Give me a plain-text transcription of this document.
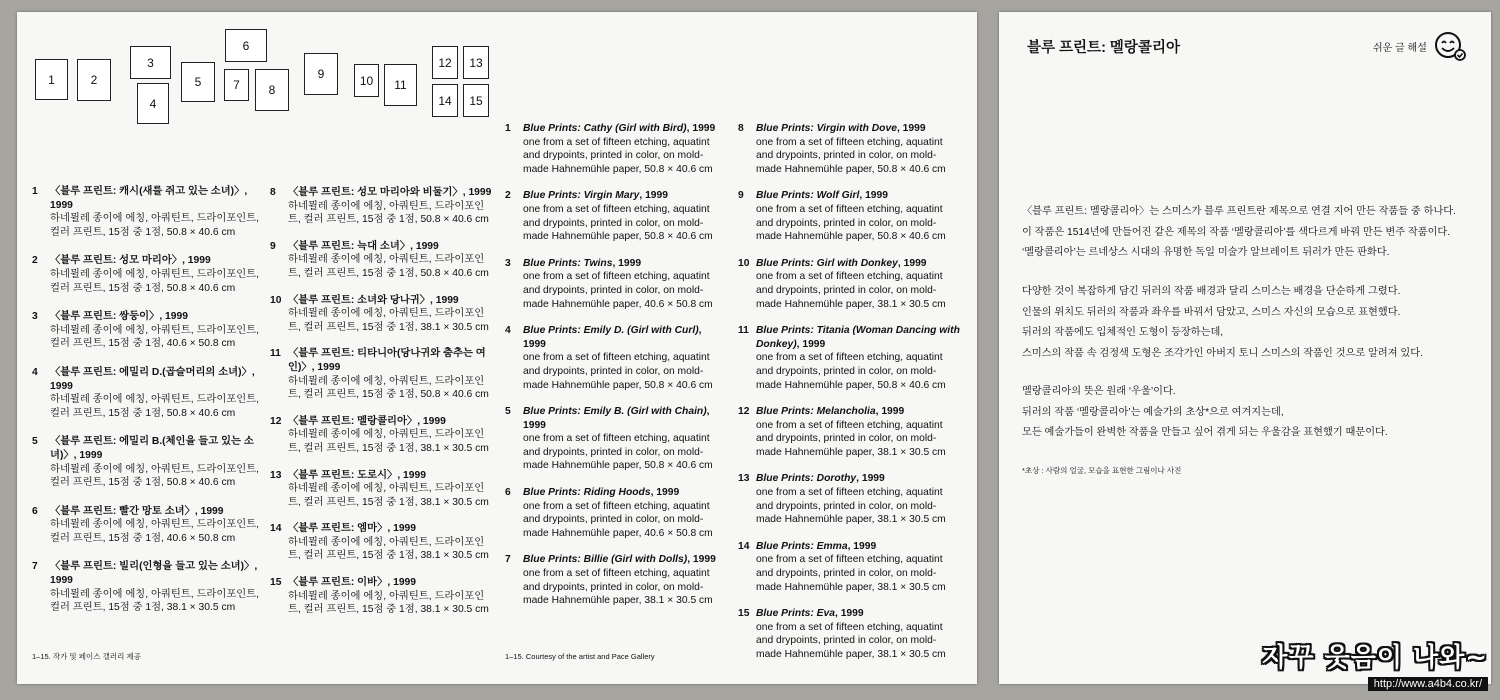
1	2
3
4
5
6
7	8
9	10	11
12	13
14	15
1 〈블루 프린트: 캐시(새를 쥐고 있는 소녀)〉, 1999
하네뮐레 종이에 에칭, 아쿼틴트, 드라이포인트, 컬러 프린트, 15점 중 1점, 50.8 × 40.6 cm
2 〈블루 프린트: 성모 마리아〉, 1999
하네뮐레 종이에 에칭, 아쿼틴트, 드라이포인트, 컬러 프린트, 15점 중 1점, 50.8 × 40.6 cm
3 〈블루 프린트: 쌍둥이〉, 1999
하네뮐레 종이에 에칭, 아쿼틴트, 드라이포인트, 컬러 프린트, 15점 중 1점, 40.6 × 50.8 cm
4 〈블루 프린트: 에밀리 D.(곱슬머리의 소녀)〉, 1999
하네뮐레 종이에 에칭, 아쿼틴트, 드라이포인트, 컬러 프린트, 15점 중 1점, 50.8 × 40.6 cm
5 〈블루 프린트: 에밀리 B.(체인을 들고 있는 소녀)〉, 1999
하네뮐레 종이에 에칭, 아쿼틴트, 드라이포인트, 컬러 프린트, 15점 중 1점, 50.8 × 40.6 cm
6 〈블루 프린트: 빨간 망토 소녀〉, 1999
하네뮐레 종이에 에칭, 아쿼틴트, 드라이포인트, 컬러 프린트, 15점 중 1점, 40.6 × 50.8 cm
7 〈블루 프린트: 빌리(인형을 들고 있는 소녀)〉, 1999
하네뮐레 종이에 에칭, 아쿼틴트, 드라이포인트, 컬러 프린트, 15점 중 1점, 38.1 × 30.5 cm
8 〈블루 프린트: 성모 마리아와 비둘기〉, 1999
하네뮐레 종이에 에칭, 아쿼틴트, 드라이포인트, 컬러 프린트, 15점 중 1점, 50.8 × 40.6 cm
9 〈블루 프린트: 늑대 소녀〉, 1999
하네뮐레 종이에 에칭, 아쿼틴트, 드라이포인트, 컬러 프린트, 15점 중 1점, 50.8 × 40.6 cm
10 〈블루 프린트: 소녀와 당나귀〉, 1999
하네뮐레 종이에 에칭, 아쿼틴트, 드라이포인트, 컬러 프린트, 15점 중 1점, 38.1 × 30.5 cm
11 〈블루 프린트: 티타니아(당나귀와 춤추는 여인)〉, 1999
하네뮐레 종이에 에칭, 아쿼틴트, 드라이포인트, 컬러 프린트, 15점 중 1점, 50.8 × 40.6 cm
12 〈블루 프린트: 멜랑콜리아〉, 1999
하네뮐레 종이에 에칭, 아쿼틴트, 드라이포인트, 컬러 프린트, 15점 중 1점, 38.1 × 30.5 cm
13 〈블루 프린트: 도로시〉, 1999
하네뮐레 종이에 에칭, 아쿼틴트, 드라이포인트, 컬러 프린트, 15점 중 1점, 38.1 × 30.5 cm
14 〈블루 프린트: 엠마〉, 1999
하네뮐레 종이에 에칭, 아쿼틴트, 드라이포인트, 컬러 프린트, 15점 중 1점, 38.1 × 30.5 cm
15 〈블루 프린트: 이바〉, 1999
하네뮐레 종이에 에칭, 아쿼틴트, 드라이포인트, 컬러 프린트, 15점 중 1점, 38.1 × 30.5 cm
1–15. 작가 및 페이스 갤러리 제공
1 Blue Prints: Cathy (Girl with Bird), 1999
one from a set of fifteen etching, aquatint and drypoints, printed in color, on mold-made Hahnemühle paper, 50.8 × 40.6 cm
2 Blue Prints: Virgin Mary, 1999
one from a set of fifteen etching, aquatint and drypoints, printed in color, on mold-made Hahnemühle paper, 50.8 × 40.6 cm
3 Blue Prints: Twins, 1999
one from a set of fifteen etching, aquatint and drypoints, printed in color, on mold-made Hahnemühle paper, 40.6 × 50.8 cm
4 Blue Prints: Emily D. (Girl with Curl), 1999
one from a set of fifteen etching, aquatint and drypoints, printed in color, on mold-made Hahnemühle paper, 50.8 × 40.6 cm
5 Blue Prints: Emily B. (Girl with Chain), 1999
one from a set of fifteen etching, aquatint and drypoints, printed in color, on mold-made Hahnemühle paper, 50.8 × 40.6 cm
6 Blue Prints: Riding Hoods, 1999
one from a set of fifteen etching, aquatint and drypoints, printed in color, on mold-made Hahnemühle paper, 40.6 × 50.8 cm
7 Blue Prints: Billie (Girl with Dolls), 1999
one from a set of fifteen etching, aquatint and drypoints, printed in color, on mold-made Hahnemühle paper, 38.1 × 30.5 cm
8 Blue Prints: Virgin with Dove, 1999
one from a set of fifteen etching, aquatint and drypoints, printed in color, on mold-made Hahnemühle paper, 50.8 × 40.6 cm
9 Blue Prints: Wolf Girl, 1999
one from a set of fifteen etching, aquatint and drypoints, printed in color, on mold-made Hahnemühle paper, 50.8 × 40.6 cm
10 Blue Prints: Girl with Donkey, 1999
one from a set of fifteen etching, aquatint and drypoints, printed in color, on mold-made Hahnemühle paper, 38.1 × 30.5 cm
11 Blue Prints: Titania (Woman Dancing with Donkey), 1999
one from a set of fifteen etching, aquatint and drypoints, printed in color, on mold-made Hahnemühle paper, 50.8 × 40.6 cm
12 Blue Prints: Melancholia, 1999
one from a set of fifteen etching, aquatint and drypoints, printed in color, on mold-made Hahnemühle paper, 38.1 × 30.5 cm
13 Blue Prints: Dorothy, 1999
one from a set of fifteen etching, aquatint and drypoints, printed in color, on mold-made Hahnemühle paper, 38.1 × 30.5 cm
14 Blue Prints: Emma, 1999
one from a set of fifteen etching, aquatint and drypoints, printed in color, on mold-made Hahnemühle paper, 38.1 × 30.5 cm
15 Blue Prints: Eva, 1999
one from a set of fifteen etching, aquatint and drypoints, printed in color, on mold-made Hahnemühle paper, 38.1 × 30.5 cm
1–15. Courtesy of the artist and Pace Gallery
블루 프린트: 멜랑콜리아	쉬운 글 해설

〈블루 프린트: 멜랑콜리아〉는 스미스가 블루 프린트란 제목으로 연결 지어 만든 작품들 중 하나다.

이 작품은 1514년에 만들어진 같은 제목의 작품 ‘멜랑콜리아’를 색다르게 바꿔 만든 변주 작품이다.

‘멜랑콜리아’는 르네상스 시대의 유명한 독일 미술가 알브레이트 뒤러가 만든 판화다.

다양한 것이 복잡하게 담긴 뒤러의 작품 배경과 달리 스미스는 배경을 단순하게 그렸다.

인물의 위치도 뒤러의 작품과 좌우를 바꿔서 담았고, 스미스 자신의 모습으로 표현했다.

뒤러의 작품에도 입체적인 도형이 등장하는데,

스미스의 작품 속 검정색 도형은 조각가인 아버지 토니 스미스의 작품인 것으로 알려져 있다.

멜랑콜리아의 뜻은 원래 ‘우울’이다.

뒤러의 작품 ‘멜랑콜리아’는 예술가의 초상*으로 여겨지는데,

모든 예술가들이 완벽한 작품을 만들고 싶어 겪게 되는 우울감을 표현했기 때문이다.

*초상 : 사람의 얼굴, 모습을 표현한 그림이나 사진
자꾸 웃음이 나와~
http://www.a4b4.co.kr/
